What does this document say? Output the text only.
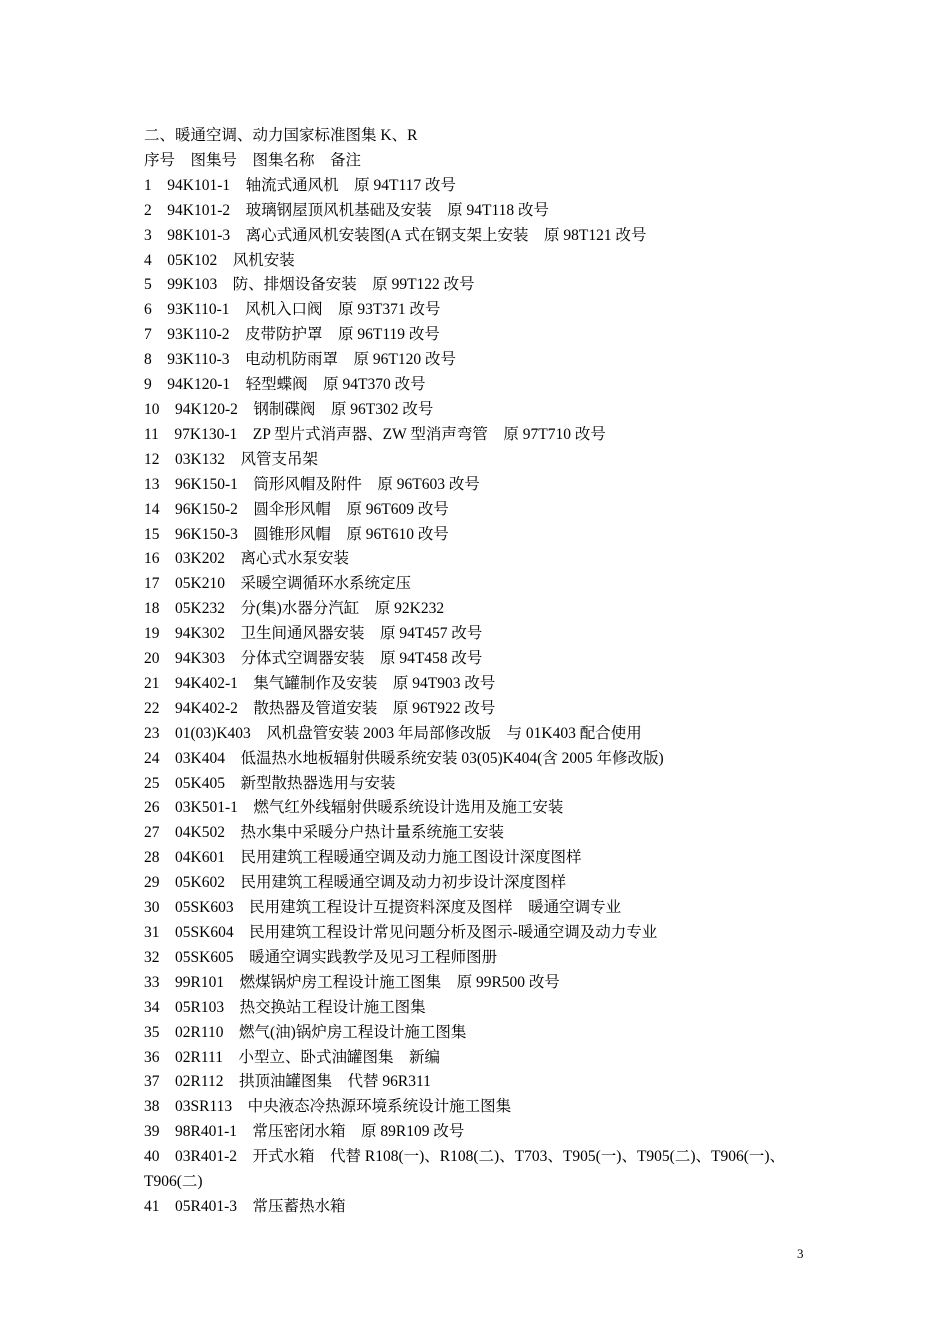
二、暖通空调、动力国家标准图集 K、R

序号　图集号　图集名称　备注

1　94K101-1　轴流式通风机　原 94T117 改号

2　94K101-2　玻璃钢屋顶风机基础及安装　原 94T118 改号

3　98K101-3　离心式通风机安装图(A 式在钢支架上安装　原 98T121 改号

4　05K102　风机安装

5　99K103　防、排烟设备安装　原 99T122 改号

6　93K110-1　风机入口阀　原 93T371 改号

7　93K110-2　皮带防护罩　原 96T119 改号

8　93K110-3　电动机防雨罩　原 96T120 改号

9　94K120-1　轻型蝶阀　原 94T370 改号

10　94K120-2　钢制碟阀　原 96T302 改号

11　97K130-1　ZP 型片式消声器、ZW 型消声弯管　原 97T710 改号

12　03K132　风管支吊架

13　96K150-1　筒形风帽及附件　原 96T603 改号

14　96K150-2　圆伞形风帽　原 96T609 改号

15　96K150-3　圆锥形风帽　原 96T610 改号

16　03K202　离心式水泵安装

17　05K210　采暖空调循环水系统定压

18　05K232　分(集)水器分汽缸　原 92K232

19　94K302　卫生间通风器安装　原 94T457 改号

20　94K303　分体式空调器安装　原 94T458 改号

21　94K402-1　集气罐制作及安装　原 94T903 改号

22　94K402-2　散热器及管道安装　原 96T922 改号

23　01(03)K403　风机盘管安装 2003 年局部修改版　与 01K403 配合使用

24　03K404　低温热水地板辐射供暖系统安装 03(05)K404(含 2005 年修改版)

25　05K405　新型散热器选用与安装

26　03K501-1　燃气红外线辐射供暖系统设计选用及施工安装

27　04K502　热水集中采暖分户热计量系统施工安装

28　04K601　民用建筑工程暖通空调及动力施工图设计深度图样

29　05K602　民用建筑工程暖通空调及动力初步设计深度图样

30　05SK603　民用建筑工程设计互提资料深度及图样　暖通空调专业

31　05SK604　民用建筑工程设计常见问题分析及图示-暖通空调及动力专业

32　05SK605　暖通空调实践教学及见习工程师图册

33　99R101　燃煤锅炉房工程设计施工图集　原 99R500 改号

34　05R103　热交换站工程设计施工图集

35　02R110　燃气(油)锅炉房工程设计施工图集

36　02R111　小型立、卧式油罐图集　新编

37　02R112　拱顶油罐图集　代替 96R311

38　03SR113　中央液态冷热源环境系统设计施工图集

39　98R401-1　常压密闭水箱　原 89R109 改号

40　03R401-2　开式水箱　代替 R108(一)、R108(二)、T703、T905(一)、T905(二)、T906(一)、T906(二)

41　05R401-3　常压蓄热水箱

3
